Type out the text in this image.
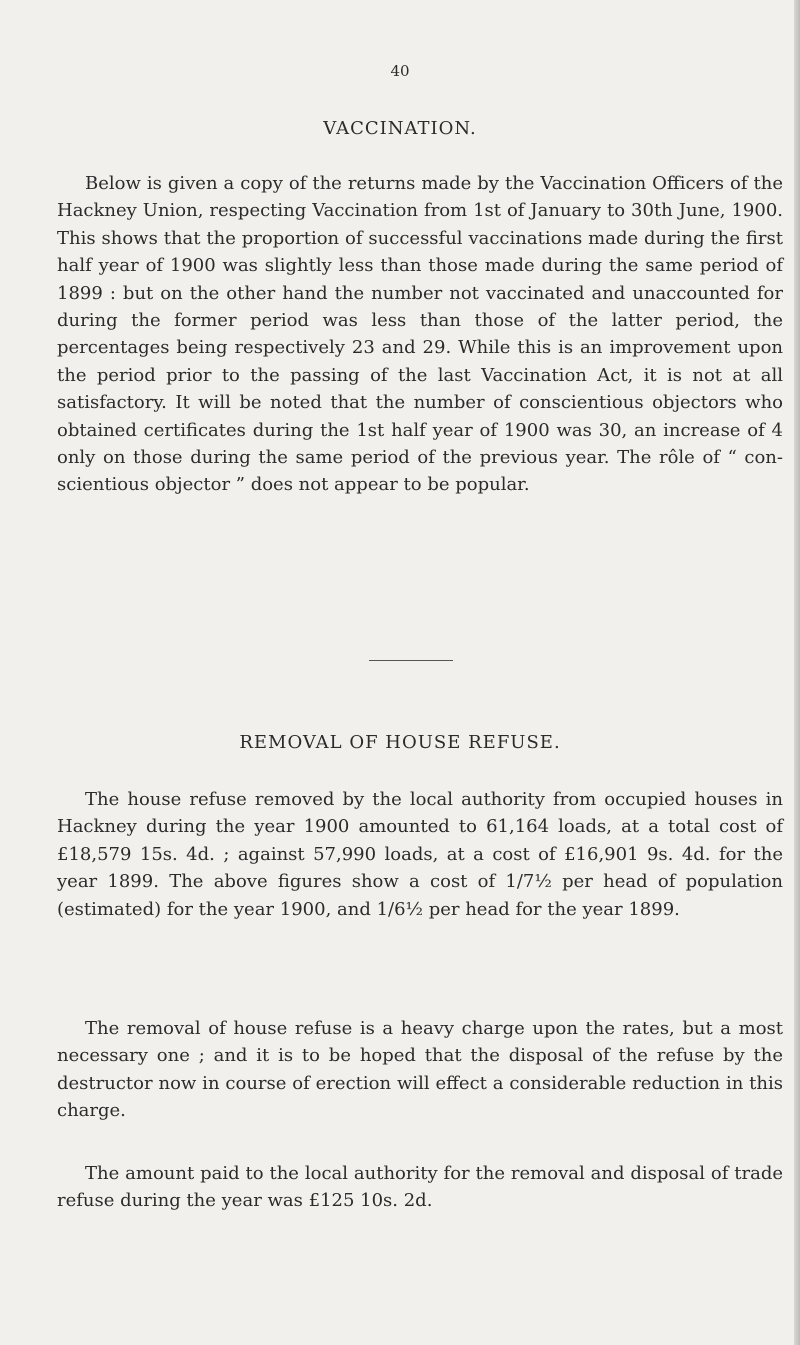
40
VACCINATION.

Below is given a copy of the returns made by the Vaccination Officers of the Hackney Union, respecting Vaccination from 1st of January to 30th June, 1900. This shows that the proportion of successful vaccinations made during the first half year of 1900 was slightly less than those made during the same period of 1899 : but on the other hand the number not vaccinated and unaccounted for during the former period was less than those of the latter period, the percentages being respectively 23 and 29. While this is an improvement upon the period prior to the passing of the last Vaccination Act, it is not at all satisfactory. It will be noted that the number of conscientious objectors who obtained certificates during the 1st half year of 1900 was 30, an increase of 4 only on those during the same period of the previous year. The rôle of “ conscientious objector ” does not appear to be popular.

REMOVAL OF HOUSE REFUSE.

The house refuse removed by the local authority from occupied houses in Hackney during the year 1900 amounted to 61,164 loads, at a total cost of £18,579 15s. 4d. ; against 57,990 loads, at a cost of £16,901 9s. 4d. for the year 1899. The above figures show a cost of 1/7½ per head of population (estimated) for the year 1900, and 1/6½ per head for the year 1899.

The removal of house refuse is a heavy charge upon the rates, but a most necessary one ; and it is to be hoped that the disposal of the refuse by the destructor now in course of erection will effect a considerable reduction in this charge.

The amount paid to the local authority for the removal and disposal of trade refuse during the year was £125 10s. 2d.
